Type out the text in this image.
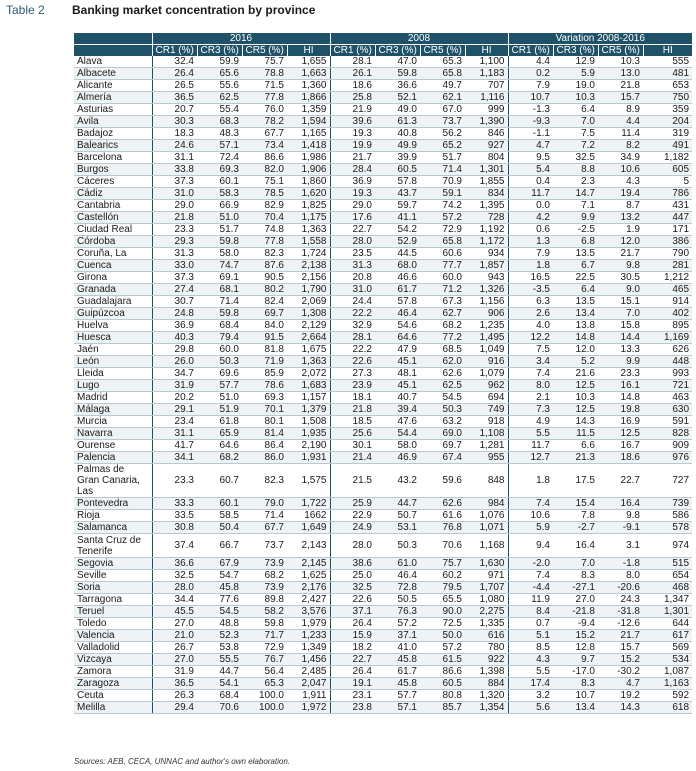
Table 2 Banking market concentration by province
	2016				2008				Variation 2008-2016			
	CR1 (%)	CR3 (%)	CR5 (%)	HI	CR1 (%)	CR3 (%)	CR5 (%)	HI	CR1 (%)	CR3 (%)	CR5 (%)	HI
Álava	32.4	59.9	75.7	1,655	28.1	47.0	65.3	1,100	4.4	12.9	10.3	555
Albacete	26.4	65.6	78.8	1,663	26.1	59.8	65.8	1,183	0.2	5.9	13.0	481
Alicante	26.5	55.6	71.5	1,360	18.6	36.6	49.7	707	7.9	19.0	21.8	653
Almería	36.5	62.5	77.8	1,866	25.8	52.1	62.1	1,116	10.7	10.3	15.7	750
Asturias	20.7	55.4	76.0	1,359	21.9	49.0	67.0	999	-1.3	6.4	8.9	359
Ávila	30.3	68.3	78.2	1,594	39.6	61.3	73.7	1,390	-9.3	7.0	4.4	204
Badajoz	18.3	48.3	67.7	1,165	19.3	40.8	56.2	846	-1.1	7.5	11.4	319
Balearics	24.6	57.1	73.4	1,418	19.9	49.9	65.2	927	4.7	7.2	8.2	491
Barcelona	31.1	72.4	86.6	1,986	21.7	39.9	51.7	804	9.5	32.5	34.9	1,182
Burgos	33.8	69.3	82.0	1,906	28.4	60.5	71.4	1,301	5.4	8.8	10.6	605
Cáceres	37.3	60.1	75.1	1,860	36.9	57.8	70.9	1,855	0.4	2.3	4.3	5
Cádiz	31.0	58.3	78.5	1,620	19.3	43.7	59.1	834	11.7	14.7	19.4	786
Cantabria	29.0	66.9	82.9	1,825	29.0	59.7	74.2	1,395	0.0	7.1	8.7	431
Castellón	21.8	51.0	70.4	1,175	17.6	41.1	57.2	728	4.2	9.9	13.2	447
Ciudad Real	23.3	51.7	74.8	1,363	22.7	54.2	72.9	1,192	0.6	-2.5	1.9	171
Córdoba	29.3	59.8	77.8	1,558	28.0	52.9	65.8	1,172	1.3	6.8	12.0	386
Coruña, La	31.3	58.0	82.3	1,724	23.5	44.5	60.6	934	7.9	13.5	21.7	790
Cuenca	33.0	74.7	87.6	2,138	31.3	68.0	77.7	1,857	1.8	6.7	9.8	281
Girona	37.3	69.1	90.5	2,156	20.8	46.6	60.0	943	16.5	22.5	30.5	1,212
Granada	27.4	68.1	80.2	1,790	31.0	61.7	71.2	1,326	-3.5	6.4	9.0	465
Guadalajara	30.7	71.4	82.4	2,069	24.4	57.8	67.3	1,156	6.3	13.5	15.1	914
Guipúzcoa	24.8	59.8	69.7	1,308	22.2	46.4	62.7	906	2.6	13.4	7.0	402
Huelva	36.9	68.4	84.0	2,129	32.9	54.6	68.2	1,235	4.0	13.8	15.8	895
Huesca	40.3	79.4	91.5	2,664	28.1	64.6	77.2	1,495	12.2	14.8	14.4	1,169
Jaén	29.8	60.0	81.8	1,675	22.2	47.9	68.5	1,049	7.5	12.0	13.3	626
León	26.0	50.3	71.9	1,363	22.6	45.1	62.0	916	3.4	5.2	9.9	448
Lleida	34.7	69.6	85.9	2,072	27.3	48.1	62.6	1,079	7.4	21.6	23.3	993
Lugo	31.9	57.7	78.6	1,683	23.9	45.1	62.5	962	8.0	12.5	16.1	721
Madrid	20.2	51.0	69.3	1,157	18.1	40.7	54.5	694	2.1	10.3	14.8	463
Málaga	29.1	51.9	70.1	1,379	21.8	39.4	50.3	749	7.3	12.5	19.8	630
Murcia	23.4	61.8	80.1	1,508	18.5	47.6	63.2	918	4.9	14.3	16.9	591
Navarra	31.1	65.9	81.4	1,935	25.6	54.4	69.0	1,108	5.5	11.5	12.5	828
Ourense	41.7	64.6	86.4	2,190	30.1	58.0	69.7	1,281	11.7	6.6	16.7	909
Palencia	34.1	68.2	86.0	1,931	21.4	46.9	67.4	955	12.7	21.3	18.6	976
Palmas de Gran Canaria, Las	23.3	60.7	82.3	1,575	21.5	43.2	59.6	848	1.8	17.5	22.7	727
Pontevedra	33.3	60.1	79.0	1,722	25.9	44.7	62.6	984	7.4	15.4	16.4	739
Rioja	33.5	58.5	71.4	1662	22.9	50.7	61.6	1,076	10.6	7.8	9.8	586
Salamanca	30.8	50.4	67.7	1,649	24.9	53.1	76.8	1,071	5.9	-2.7	-9.1	578
Santa Cruz de Tenerife	37.4	66.7	73.7	2,143	28.0	50.3	70.6	1,168	9.4	16.4	3.1	974
Segovia	36.6	67.9	73.9	2,145	38.6	61.0	75.7	1,630	-2.0	7.0	-1.8	515
Seville	32.5	54.7	68.2	1,625	25.0	46.4	60.2	971	7.4	8.3	8.0	654
Soria	28.0	45.8	73.9	2,176	32.5	72.8	79.5	1,707	-4.4	-27.1	-20.6	468
Tarragona	34.4	77.6	89.8	2,427	22.6	50.5	65.5	1,080	11.9	27.0	24.3	1,347
Teruel	45.5	54.5	58.2	3,576	37.1	76.3	90.0	2,275	8.4	-21.8	-31.8	1,301
Toledo	27.0	48.8	59.8	1,979	26.4	57.2	72.5	1,335	0.7	-9.4	-12.6	644
Valencia	21.0	52.3	71.7	1,233	15.9	37.1	50.0	616	5.1	15.2	21.7	617
Valladolid	26.7	53.8	72.9	1,349	18.2	41.0	57.2	780	8.5	12.8	15.7	569
Vizcaya	27.0	55.5	76.7	1,456	22.7	45.8	61.5	922	4.3	9.7	15.2	534
Zamora	31.9	44.7	56.4	2,485	26.4	61.7	86.6	1,398	5.5	-17.0	-30.2	1,087
Zaragoza	36.5	54.1	65.3	2,047	19.1	45.8	60.5	884	17.4	8.3	4.7	1,163
Ceuta	26.3	68.4	100.0	1,911	23.1	57.7	80.8	1,320	3.2	10.7	19.2	592
Melilla	29.4	70.6	100.0	1,972	23.8	57.1	85.7	1,354	5.6	13.4	14.3	618
Sources: AEB, CECA, UNNAC and author's own elaboration.
